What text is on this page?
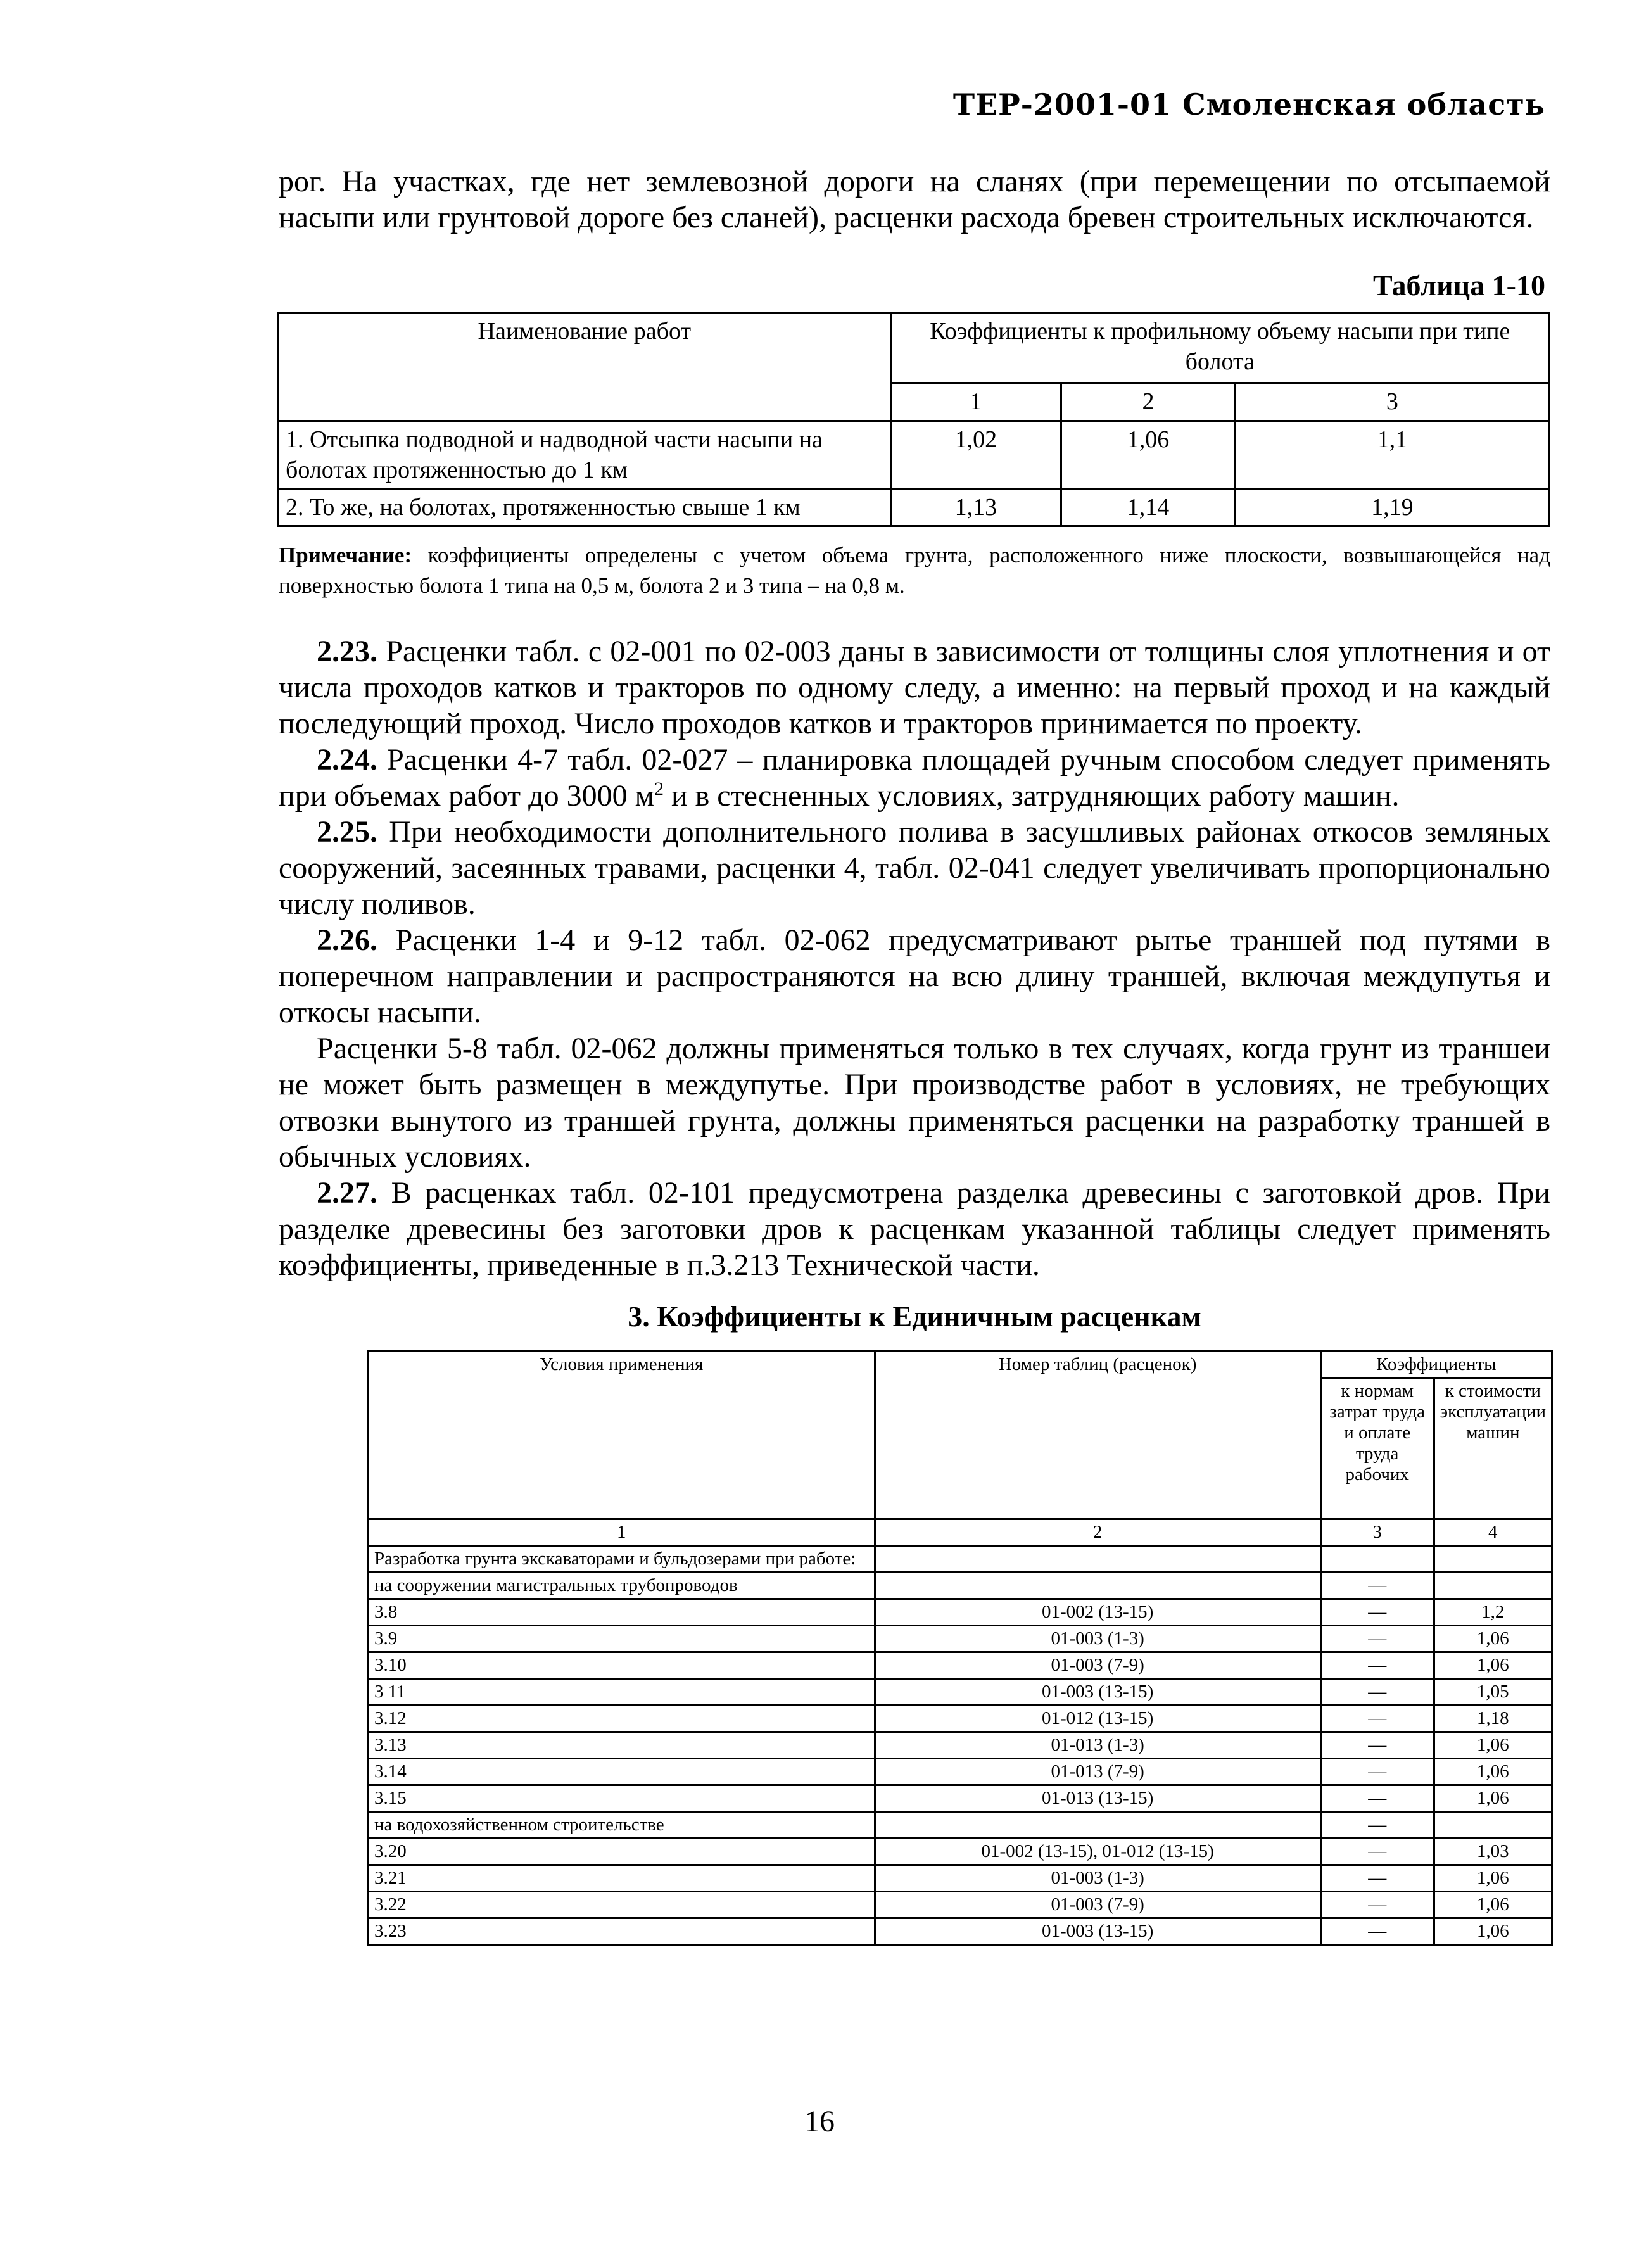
ТЕР-2001-01 Смоленская область

рог. На участках, где нет землевозной дороги на сланях (при перемещении по отсыпаемой насыпи или грунтовой дороге без сланей), расценки расхода бревен строительных исключаются.

Таблица 1-10
Наименование работ	Коэффициенты к профильному объему насыпи при типе болота		
	1	2	3
1. Отсыпка подводной и надводной части насыпи на болотах протяженностью до 1 км	1,02	1,06	1,1
2. То же, на болотах, протяженностью свыше 1 км	1,13	1,14	1,19
Примечание: коэффициенты определены с учетом объема грунта, расположенного ниже плоскости, возвышающейся над поверхностью болота 1 типа на 0,5 м, болота 2 и 3 типа – на 0,8 м.

2.23. Расценки табл. с 02-001 по 02-003 даны в зависимости от толщины слоя уплотнения и от числа проходов катков и тракторов по одному следу, а именно: на первый проход и на каждый последующий проход. Число проходов катков и тракторов принимается по проекту.

2.24. Расценки 4-7 табл. 02-027 – планировка площадей ручным способом следует применять при объемах работ до 3000 $м^2$ и в стесненных условиях, затрудняющих работу машин.

2.25. При необходимости дополнительного полива в засушливых районах откосов земляных сооружений, засеянных травами, расценки 4, табл. 02-041 следует увеличивать пропорционально числу поливов.

2.26. Расценки 1-4 и 9-12 табл. 02-062 предусматривают рытье траншей под путями в поперечном направлении и распространяются на всю длину траншей, включая междупутья и откосы насыпи.

Расценки 5-8 табл. 02-062 должны применяться только в тех случаях, когда грунт из траншеи не может быть размещен в междупутье. При производстве работ в условиях, не требующих отвозки вынутого из траншей грунта, должны применяться расценки на разработку траншей в обычных условиях.

2.27. В расценках табл. 02-101 предусмотрена разделка древесины с заготовкой дров. При разделке древесины без заготовки дров к расценкам указанной таблицы следует применять коэффициенты, приведенные в п.3.213 Технической части.

3. Коэффициенты к Единичным расценкам
Условия применения	Номер таблиц (расценок)	Коэффициенты	
		к нормам затрат труда и оплате труда рабочих	к стоимости эксплуатации машин
1	2	3	4
Разработка грунта экскаваторами и бульдозерами при работе:			
на сооружении магистральных трубопроводов		—	
3.8	01-002 (13-15)	—	1,2
3.9	01-003 (1-3)	—	1,06
3.10	01-003 (7-9)	—	1,06
3 11	01-003 (13-15)	—	1,05
3.12	01-012 (13-15)	—	1,18
3.13	01-013 (1-3)	—	1,06
3.14	01-013 (7-9)	—	1,06
3.15	01-013 (13-15)	—	1,06
на водохозяйственном строительстве		—	
3.20	01-002 (13-15), 01-012 (13-15)	—	1,03
3.21	01-003 (1-3)	—	1,06
3.22	01-003 (7-9)	—	1,06
3.23	01-003 (13-15)	—	1,06
16
